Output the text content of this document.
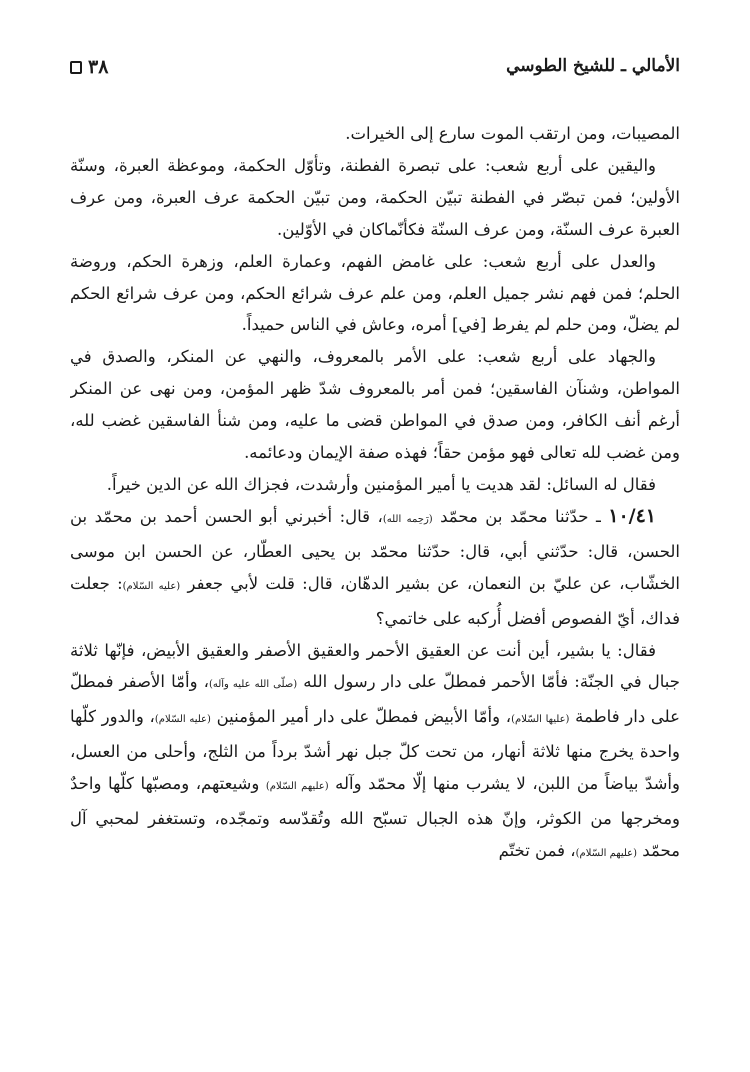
٣٨	الأمالي ـ للشيخ الطوسي

المصيبات، ومن ارتقب الموت سارع إلى الخيرات.

واليقين على أربع شعب: على تبصرة الفطنة، وتأوّل الحكمة، وموعظة العبرة، وسنّة الأولين؛ فمن تبصّر في الفطنة تبيّن الحكمة، ومن تبيّن الحكمة عرف العبرة، ومن عرف العبرة عرف السنّة، ومن عرف السنّة فكأنّماكان في الأوّلين.

والعدل على أربع شعب: على غامض الفهم، وعمارة العلم، وزهرة الحكم، وروضة الحلم؛ فمن فهم نشر جميل العلم، ومن علم عرف شرائع الحكم، ومن عرف شرائع الحكم لم يضلّ، ومن حلم لم يفرط [في] أمره، وعاش في الناس حميداً.

والجهاد على أربع شعب: على الأمر بالمعروف، والنهي عن المنكر، والصدق في المواطن، وشنآن الفاسقين؛ فمن أمر بالمعروف شدّ ظهر المؤمن، ومن نهى عن المنكر أرغم أنف الكافر، ومن صدق في المواطن قضى ما عليه، ومن شنأ الفاسقين غضب لله، ومن غضب لله تعالى فهو مؤمن حقاً؛ فهذه صفة الإيمان ودعائمه.

فقال له السائل: لقد هديت يا أمير المؤمنين وأرشدت، فجزاك الله عن الدين خيراً.

١٠/٤١ ـ حدّثنا محمّد بن محمّد (رَحِمه الله)، قال: أخبرني أبو الحسن أحمد بن محمّد بن الحسن، قال: حدّثني أبي، قال: حدّثنا محمّد بن يحيى العطّار، عن الحسن ابن موسى الخشّاب، عن عليّ بن النعمان، عن بشير الدهّان، قال: قلت لأبي جعفر (عليه السّلام): جعلت فداك، أيّ الفصوص أفضل أُركبه على خاتمي؟

فقال: يا بشير، أين أنت عن العقيق الأحمر والعقيق الأصفر والعقيق الأبيض، فإنّها ثلاثة جبال في الجنّة: فأمّا الأحمر فمطلّ على دار رسول الله (صلّى الله عليه وآله)، وأمّا الأصفر فمطلّ على دار فاطمة (عليها السّلام)، وأمّا الأبيض فمطلّ على دار أمير المؤمنين (عليه السّلام)، والدور كلّها واحدة يخرج منها ثلاثة أنهار، من تحت كلّ جبل نهر أشدّ برداً من الثلج، وأحلى من العسل، وأشدّ بياضاً من اللبن، لا يشرب منها إلّا محمّد وآله (عليهم السّلام) وشيعتهم، ومصبّها كلّها واحدٌ ومخرجها من الكوثر، وإنّ هذه الجبال تسبّح الله وتُقدّسه وتمجّده، وتستغفر لمحبي آل محمّد (عليهم السّلام)، فمن تختّم
